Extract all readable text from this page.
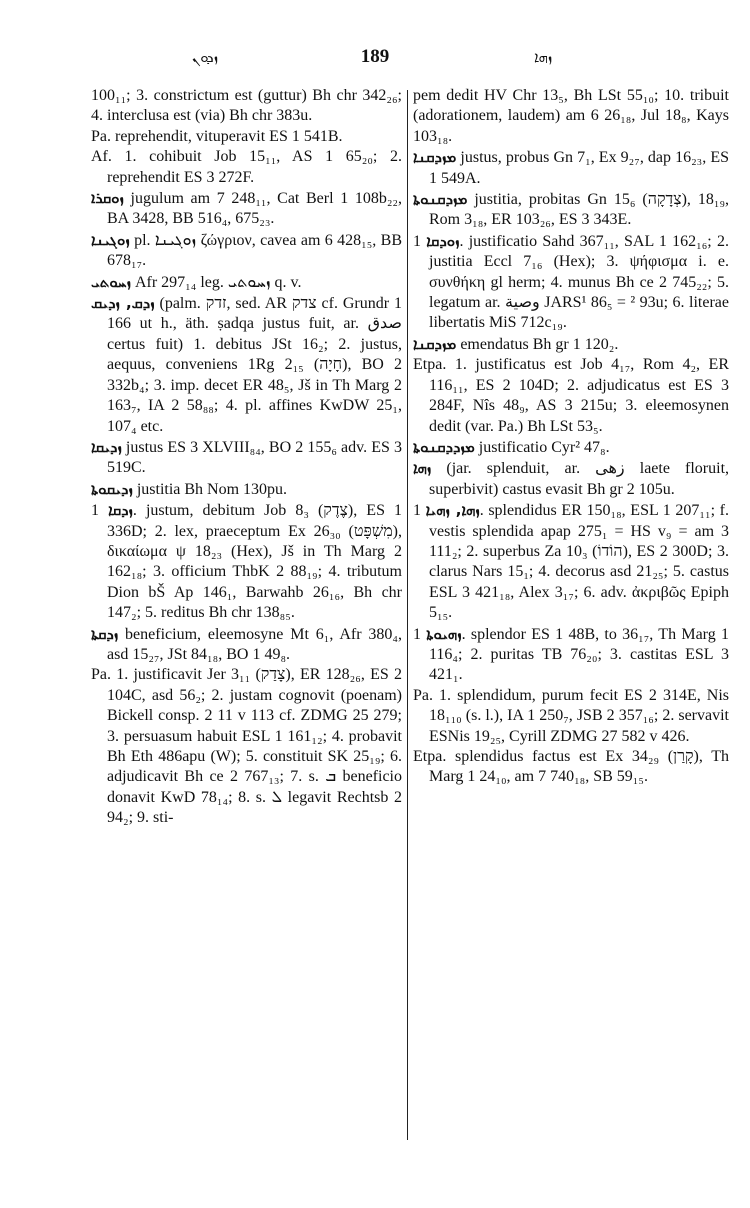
ܙܕܘܢ	189	ܙܗܐ

100₁₁; 3. constrictum est (guttur) Bh chr 342₂₆; 4. interclusa est (via) Bh chr 383u.

Pa. reprehendit, vituperavit ES 1 541B.

Af. 1. cohibuit Job 15₁₁, AS 1 65₂₀; 2. reprehendit ES 3 272F.

ܙܘܩܪܐ jugulum am 7 248₁₁, Cat Berl 1 108b₂₂, BA 3428, BB 516₄, 675₂₃.

ܙܘܓܝܢܐ pl. ܙܘܓܝܢܐ ζώγριον, cavea am 6 428₁₅, BB 678₁₇.

ܙܚܘܬܝ Afr 297₁₄ leg. ܙܚܘܬܝ q. v.

ܙܕܩ, ܙܕܝܩ (palm. זדק, sed. AR צדק cf. Grundr 1 166 ut h., äth. ṣadqa justus fuit, ar. صدق certus fuit) 1. debitus JSt 16₂; 2. justus, aequus, conveniens 1Rg 2₁₅ (חָיָה), BO 2 332b₄; 3. imp. decet ER 48₅, Jš in Th Marg 2 163₇, IA 2 58₈₈; 4. pl. affines KwDW 25₁, 107₄ etc.

ܙܕܝܩܐ justus ES 3 XLVIII₈₄, BO 2 155₆ adv. ES 3 519C.

ܙܕܝܩܘܬܐ justitia Bh Nom 130pu.

ܙܕܩܐ 1. justum, debitum Job 8₃ (צֶדֶק), ES 1 336D; 2. lex, praeceptum Ex 26₃₀ (מִשְׁפָּט), δικαίωμα ψ 18₂₃ (Hex), Jš in Th Marg 2 162₁₈; 3. officium ThbK 2 88₁₉; 4. tributum Dion bŠ Ap 146₁, Barwahb 26₁₆, Bh chr 147₂; 5. reditus Bh chr 138₈₅.

ܙܕܩܬܐ beneficium, eleemosyne Mt 6₁, Afr 380₄, asd 15₂₇, JSt 84₁₈, BO 1 49₈.

Pa. 1. justificavit Jer 3₁₁ (צָדַק), ER 128₂₆, ES 2 104C, asd 56₂; 2. justam cognovit (poenam) Bickell consp. 2 11 v 113 cf. ZDMG 25 279; 3. persuasum habuit ESL 1 161₁₂; 4. probavit Bh Eth 486apu (W); 5. constituit SK 25₁₉; 6. adjudicavit Bh ce 2 767₁₃; 7. s. ܒ beneficio donavit KwD 78₁₄; 8. s. ܠ legavit Rechtsb 2 94₂; 9. sti-

pem dedit HV Chr 13₅, Bh LSt 55₁₀; 10. tribuit (adorationem, laudem) am 6 26₁₈, Jul 18₈, Kays 103₁₈.

ܡܙܕܩܢܐ justus, probus Gn 7₁, Ex 9₂₇, dap 16₂₃, ES 1 549A.

ܡܙܕܩܢܘܬܐ justitia, probitas Gn 15₆ (צְדָקָה), 18₁₉, Rom 3₁₈, ER 103₂₆, ES 3 343E.

ܙܘܕܩܐ 1. justificatio Sahd 367₁₁, SAL 1 162₁₆; 2. justitia Eccl 7₁₆ (Hex); 3. ψήφισμα i. e. συνθήκη gl herm; 4. munus Bh ce 2 745₂₂; 5. legatum ar. وصية JARS¹ 86₅ = ² 93u; 6. literae libertatis MiS 712c₁₉.

ܡܙܕܩܢܐ emendatus Bh gr 1 120₂.

Etpa. 1. justificatus est Job 4₁₇, Rom 4₂, ER 116₁₁, ES 2 104D; 2. adjudicatus est ES 3 284F, Nîs 48₉, AS 3 215u; 3. eleemosynen dedit (var. Pa.) Bh LSt 53₅.

ܡܙܕܕܩܢܘܬܐ justificatio Cyr² 47₈.

ܙܗܐ (jar. splenduit, ar. زهى laete floruit, superbivit) castus evasit Bh gr 2 105u.

ܙܗܐ, ܙܗܝܐ 1. splendidus ER 150₁₈, ESL 1 207₁₁; f. vestis splendida apap 275₁ = HS v₉ = am 3 111₂; 2. superbus Za 10₃ (הוֹדוֹ), ES 2 300D; 3. clarus Nars 15₁; 4. decorus asd 21₂₅; 5. castus ESL 3 421₁₈, Alex 3₁₇; 6. adv. ἀκριβῶς Epiph 5₁₅.

ܙܗܝܘܬܐ 1. splendor ES 1 48B, to 36₁₇, Th Marg 1 116₄; 2. puritas TB 76₂₀; 3. castitas ESL 3 421₁.

Pa. 1. splendidum, purum fecit ES 2 314E, Nis 18₁₁₀ (s. l.), IA 1 250₇, JSB 2 357₁₆; 2. servavit ESNis 19₂₅, Cyrill ZDMG 27 582 v 426.

Etpa. splendidus factus est Ex 34₂₉ (קָרַן), Th Marg 1 24₁₀, am 7 740₁₈, SB 59₁₅.
